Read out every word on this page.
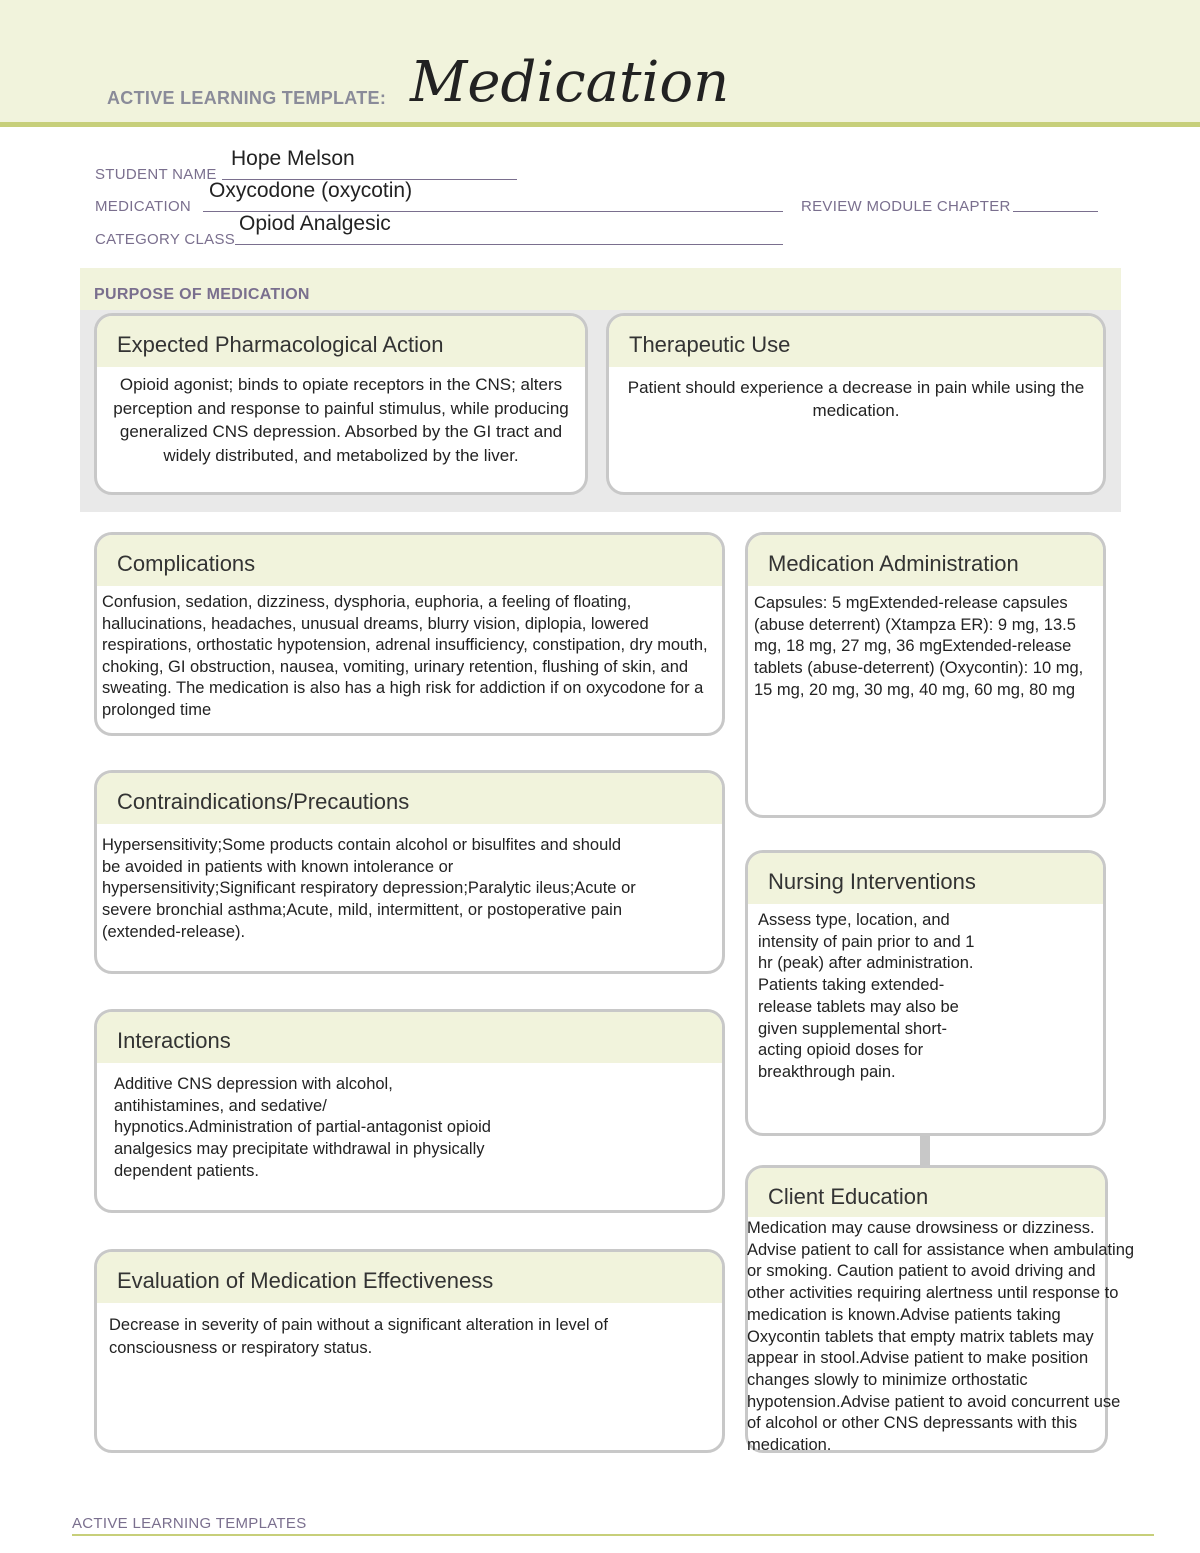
ACTIVE LEARNING TEMPLATE: Medication
STUDENT NAME
Hope Melson
MEDICATION
Oxycodone (oxycotin)
REVIEW MODULE CHAPTER
CATEGORY CLASS
Opiod Analgesic
PURPOSE OF MEDICATION
Expected Pharmacological Action
Opioid agonist; binds to opiate receptors in the CNS; alters perception and response to painful stimulus, while producing generalized CNS depression. Absorbed by the GI tract and widely distributed, and metabolized by the liver.
Therapeutic Use
Patient should experience a decrease in pain while using the medication.
Complications
Confusion, sedation, dizziness, dysphoria, euphoria, a feeling of floating, hallucinations, headaches, unusual dreams, blurry vision, diplopia, lowered respirations, orthostatic hypotension, adrenal insufficiency, constipation, dry mouth, choking, GI obstruction, nausea, vomiting, urinary retention, flushing of skin, and sweating. The medication is also has a high risk for addiction if on oxycodone for a prolonged time
Medication Administration
Capsules: 5 mgExtended-release capsules (abuse deterrent) (Xtampza ER): 9 mg, 13.5 mg, 18 mg, 27 mg, 36 mgExtended-release tablets (abuse-deterrent) (Oxycontin): 10 mg, 15 mg, 20 mg, 30 mg, 40 mg, 60 mg, 80 mg
Contraindications/Precautions
Hypersensitivity;Some products contain alcohol or bisulfites and should be avoided in patients with known intolerance or hypersensitivity;Significant respiratory depression;Paralytic ileus;Acute or severe bronchial asthma;Acute, mild, intermittent, or postoperative pain (extended-release).
Nursing Interventions
Assess type, location, and intensity of pain prior to and 1 hr (peak) after administration. Patients taking extended-release tablets may also be given supplemental short-acting opioid doses for breakthrough pain.
Interactions
Additive CNS depression with alcohol, antihistamines, and sedative/ hypnotics.Administration of partial-antagonist opioid analgesics may precipitate withdrawal in physically dependent patients.
Client Education
Medication may cause drowsiness or dizziness. Advise patient to call for assistance when ambulating or smoking. Caution patient to avoid driving and other activities requiring alertness until response to medication is known.Advise patients taking Oxycontin tablets that empty matrix tablets may appear in stool.Advise patient to make position changes slowly to minimize orthostatic hypotension.Advise patient to avoid concurrent use of alcohol or other CNS depressants with this medication.
Evaluation of Medication Effectiveness
Decrease in severity of pain without a significant alteration in level of consciousness or respiratory status.
ACTIVE LEARNING TEMPLATES
